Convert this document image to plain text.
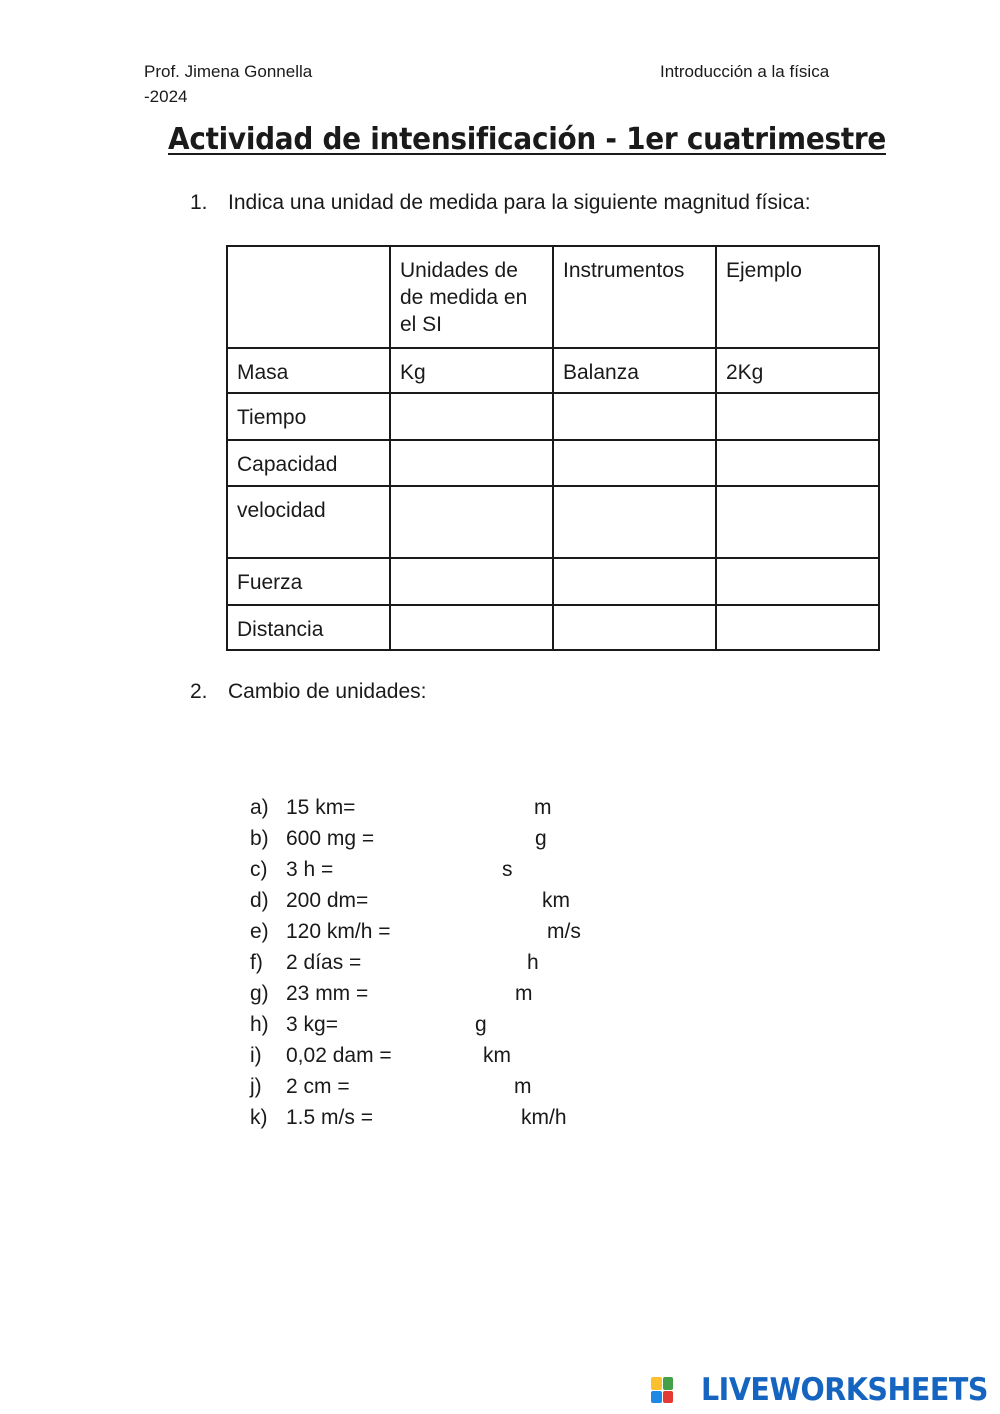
Prof. Jimena Gonnella
-2024
Introducción a la física
Actividad de intensificación - 1er cuatrimestre
1. Indica una unidad de medida para la siguiente magnitud física:
	Unidades de de medida en el SI	Instrumentos	Ejemplo
Masa	Kg	Balanza	2Kg
Tiempo			
Capacidad			
velocidad			
Fuerza			
Distancia			
2. Cambio de unidades:
a) 15 km=	m
b) 600 mg =	g
c) 3 h =	s
d) 200 dm=	km
e) 120 km/h =	m/s
f) 2 días =	h
g) 23 mm =	m
h) 3 kg=	g
i) 0,02 dam =	km
j) 2 cm =	m
k) 1.5 m/s =	km/h
LIVEWORKSHEETS
